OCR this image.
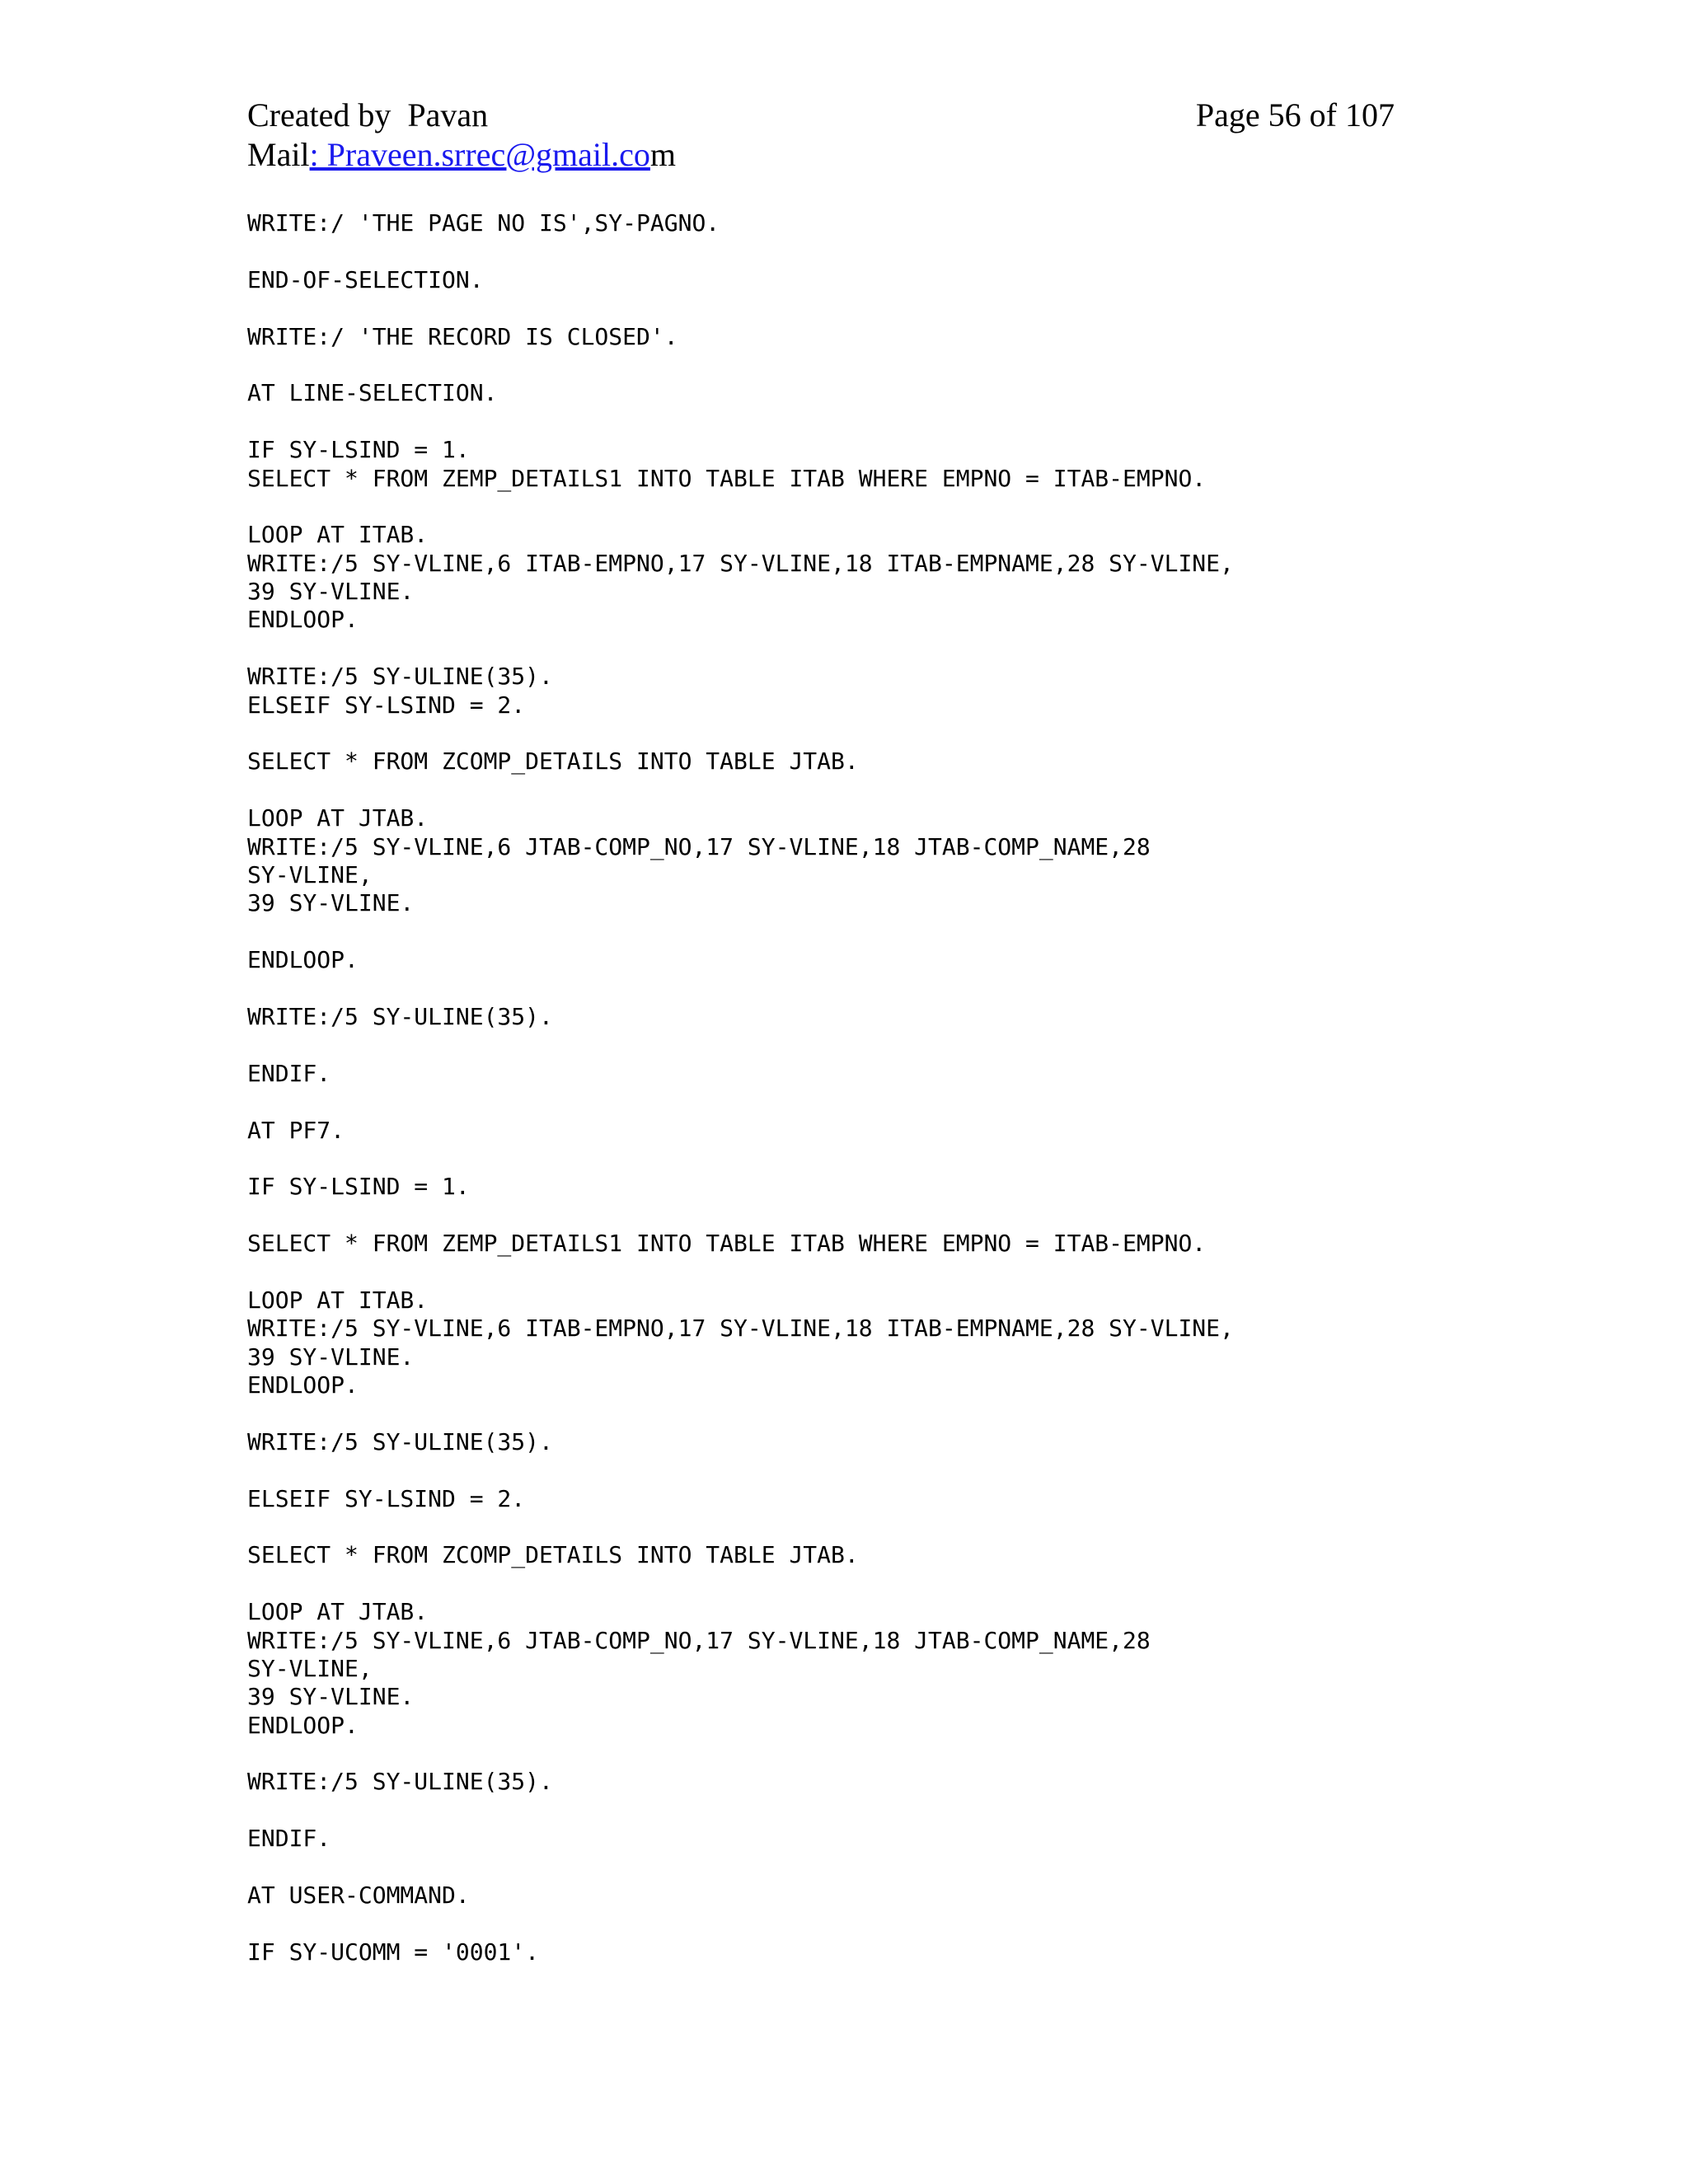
Created by  Pavan	Page 56 of 107
Mail: Praveen.srrec@gmail.com
WRITE:/ 'THE PAGE NO IS',SY-PAGNO.
END-OF-SELECTION.
WRITE:/ 'THE RECORD IS CLOSED'.
AT LINE-SELECTION.
IF SY-LSIND = 1.
SELECT * FROM ZEMP_DETAILS1 INTO TABLE ITAB WHERE EMPNO = ITAB-EMPNO.
LOOP AT ITAB.
WRITE:/5 SY-VLINE,6 ITAB-EMPNO,17 SY-VLINE,18 ITAB-EMPNAME,28 SY-VLINE,
39 SY-VLINE.
ENDLOOP.
WRITE:/5 SY-ULINE(35).
ELSEIF SY-LSIND = 2.
SELECT * FROM ZCOMP_DETAILS INTO TABLE JTAB.
LOOP AT JTAB.
WRITE:/5 SY-VLINE,6 JTAB-COMP_NO,17 SY-VLINE,18 JTAB-COMP_NAME,28
SY-VLINE,
39 SY-VLINE.
ENDLOOP.
WRITE:/5 SY-ULINE(35).
ENDIF.
AT PF7.
IF SY-LSIND = 1.
SELECT * FROM ZEMP_DETAILS1 INTO TABLE ITAB WHERE EMPNO = ITAB-EMPNO.
LOOP AT ITAB.
WRITE:/5 SY-VLINE,6 ITAB-EMPNO,17 SY-VLINE,18 ITAB-EMPNAME,28 SY-VLINE,
39 SY-VLINE.
ENDLOOP.
WRITE:/5 SY-ULINE(35).
ELSEIF SY-LSIND = 2.
SELECT * FROM ZCOMP_DETAILS INTO TABLE JTAB.
LOOP AT JTAB.
WRITE:/5 SY-VLINE,6 JTAB-COMP_NO,17 SY-VLINE,18 JTAB-COMP_NAME,28
SY-VLINE,
39 SY-VLINE.
ENDLOOP.
WRITE:/5 SY-ULINE(35).
ENDIF.
AT USER-COMMAND.
IF SY-UCOMM = '0001'.
